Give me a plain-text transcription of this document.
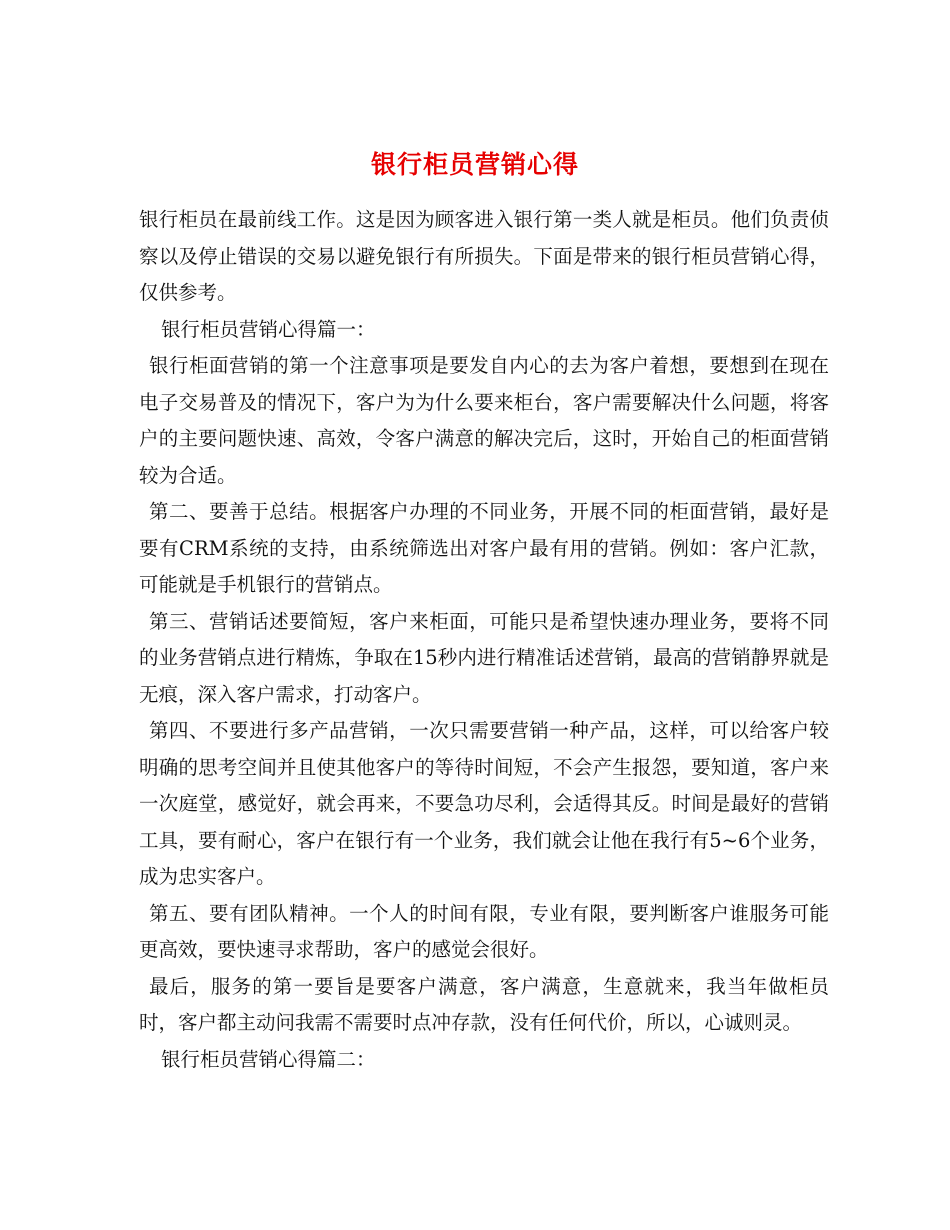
银行柜员营销心得

银行柜员在最前线工作。这是因为顾客进入银行第一类人就是柜员。他们负责侦察以及停止错误的交易以避免银行有所损失。下面是带来的银行柜员营销心得，仅供参考。

银行柜员营销心得篇一：

银行柜面营销的第一个注意事项是要发自内心的去为客户着想，要想到在现在电子交易普及的情况下，客户为为什么要来柜台，客户需要解决什么问题，将客户的主要问题快速、高效，令客户满意的解决完后，这时，开始自己的柜面营销较为合适。

第二、要善于总结。根据客户办理的不同业务，开展不同的柜面营销，最好是要有CRM系统的支持，由系统筛选出对客户最有用的营销。例如：客户汇款，可能就是手机银行的营销点。

第三、营销话述要简短，客户来柜面，可能只是希望快速办理业务，要将不同的业务营销点进行精炼，争取在15秒内进行精准话述营销，最高的营销静界就是无痕，深入客户需求，打动客户。

第四、不要进行多产品营销，一次只需要营销一种产品，这样，可以给客户较明确的思考空间并且使其他客户的等待时间短，不会产生报怨，要知道，客户来一次庭堂，感觉好，就会再来，不要急功尽利，会适得其反。时间是最好的营销工具，要有耐心，客户在银行有一个业务，我们就会让他在我行有5~6个业务，成为忠实客户。

第五、要有团队精神。一个人的时间有限，专业有限，要判断客户谁服务可能更高效，要快速寻求帮助，客户的感觉会很好。

最后，服务的第一要旨是要客户满意，客户满意，生意就来，我当年做柜员时，客户都主动问我需不需要时点冲存款，没有任何代价，所以，心诚则灵。

银行柜员营销心得篇二：
